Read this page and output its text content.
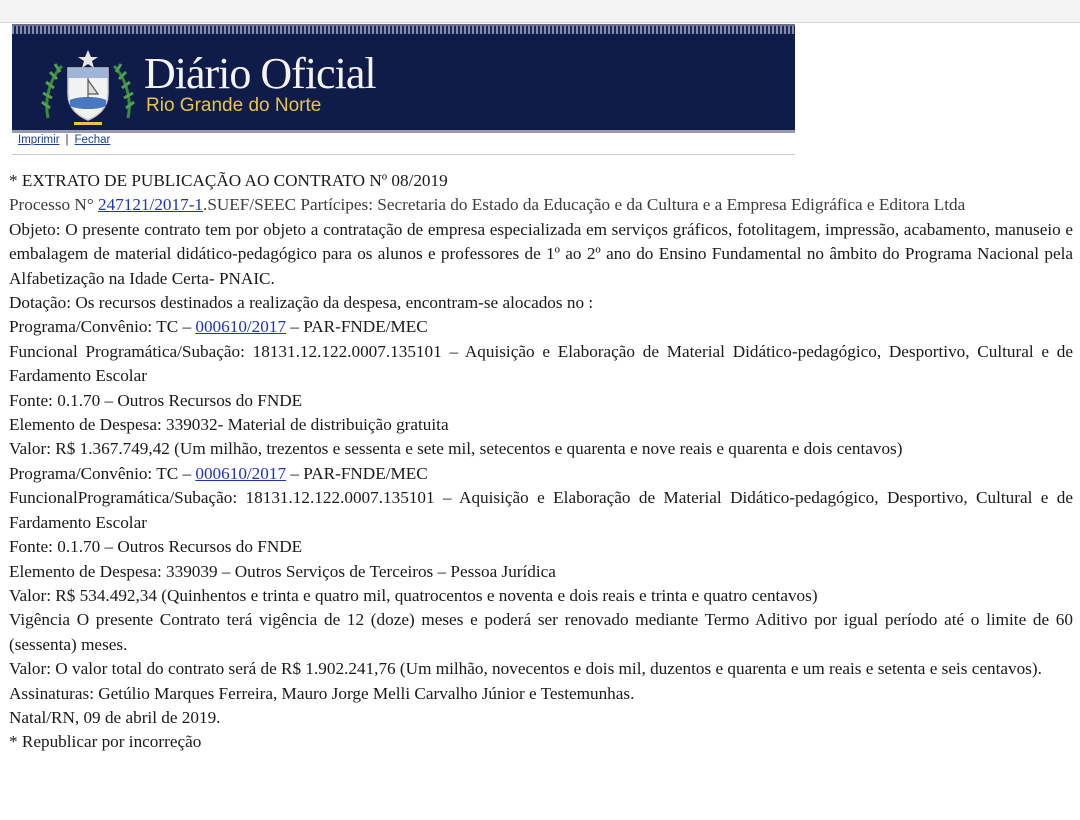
Diário Oficial
Rio Grande do Norte
Imprimir | Fechar

* EXTRATO DE PUBLICAÇÃO AO CONTRATO Nº 08/2019

Processo N° 247121/2017-1.SUEF/SEEC Partícipes: Secretaria do Estado da Educação e da Cultura e a Empresa Edigráfica e Editora Ltda

Objeto: O presente contrato tem por objeto a contratação de empresa especializada em serviços gráficos, fotolitagem, impressão, acabamento, manuseio e embalagem de material didático-pedagógico para os alunos e professores de 1º ao 2º ano do Ensino Fundamental no âmbito do Programa Nacional pela Alfabetização na Idade Certa- PNAIC.

Dotação: Os recursos destinados a realização da despesa, encontram-se alocados no :

Programa/Convênio: TC – 000610/2017 – PAR-FNDE/MEC

Funcional Programática/Subação: 18131.12.122.0007.135101 – Aquisição e Elaboração de Material Didático-pedagógico, Desportivo, Cultural e de Fardamento Escolar

Fonte: 0.1.70 – Outros Recursos do FNDE

Elemento de Despesa: 339032- Material de distribuição gratuita

Valor: R$ 1.367.749,42 (Um milhão, trezentos e sessenta e sete mil, setecentos e quarenta e nove reais e quarenta e dois centavos)

Programa/Convênio: TC – 000610/2017 – PAR-FNDE/MEC

FuncionalProgramática/Subação: 18131.12.122.0007.135101 – Aquisição e Elaboração de Material Didático-pedagógico, Desportivo, Cultural e de Fardamento Escolar

Fonte: 0.1.70 – Outros Recursos do FNDE

Elemento de Despesa: 339039 – Outros Serviços de Terceiros – Pessoa Jurídica

Valor: R$ 534.492,34 (Quinhentos e trinta e quatro mil, quatrocentos e noventa e dois reais e trinta e quatro centavos)

Vigência O presente Contrato terá vigência de 12 (doze) meses e poderá ser renovado mediante Termo Aditivo por igual período até o limite de 60 (sessenta) meses.

Valor: O valor total do contrato será de R$ 1.902.241,76 (Um milhão, novecentos e dois mil, duzentos e quarenta e um reais e setenta e seis centavos).

Assinaturas: Getúlio Marques Ferreira, Mauro Jorge Melli Carvalho Júnior e Testemunhas.

Natal/RN, 09 de abril de 2019.

* Republicar por incorreção
